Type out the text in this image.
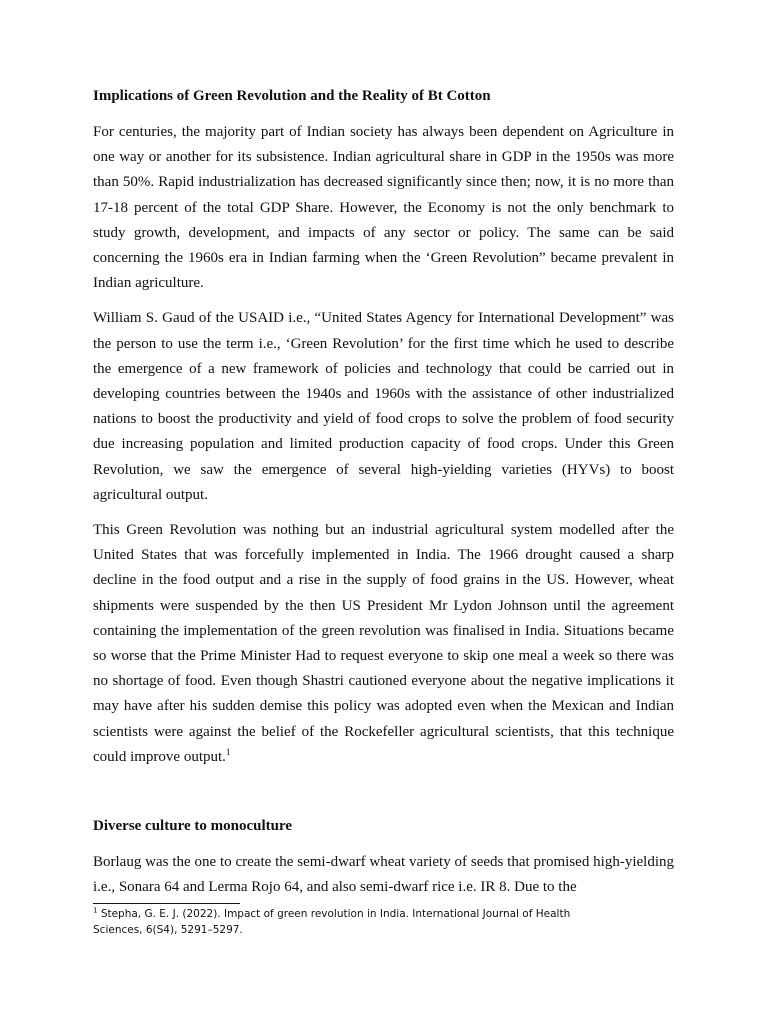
Implications of Green Revolution and the Reality of Bt Cotton

For centuries, the majority part of Indian society has always been dependent on Agriculture in one way or another for its subsistence. Indian agricultural share in GDP in the 1950s was more than 50%. Rapid industrialization has decreased significantly since then; now, it is no more than 17-18 percent of the total GDP Share. However, the Economy is not the only benchmark to study growth, development, and impacts of any sector or policy. The same can be said concerning the 1960s era in Indian farming when the ‘Green Revolution” became prevalent in Indian agriculture.

William S. Gaud of the USAID i.e., “United States Agency for International Development” was the person to use the term i.e., ‘Green Revolution’ for the first time which he used to describe the emergence of a new framework of policies and technology that could be carried out in developing countries between the 1940s and 1960s with the assistance of other industrialized nations to boost the productivity and yield of food crops to solve the problem of food security due increasing population and limited production capacity of food crops. Under this Green Revolution, we saw the emergence of several high-yielding varieties (HYVs) to boost agricultural output.

This Green Revolution was nothing but an industrial agricultural system modelled after the United States that was forcefully implemented in India. The 1966 drought caused a sharp decline in the food output and a rise in the supply of food grains in the US. However, wheat shipments were suspended by the then US President Mr Lydon Johnson until the agreement containing the implementation of the green revolution was finalised in India. Situations became so worse that the Prime Minister Had to request everyone to skip one meal a week so there was no shortage of food. Even though Shastri cautioned everyone about the negative implications it may have after his sudden demise this policy was adopted even when the Mexican and Indian scientists were against the belief of the Rockefeller agricultural scientists, that this technique could improve output.$^1$

Diverse culture to monoculture

Borlaug was the one to create the semi-dwarf wheat variety of seeds that promised high-yielding i.e., Sonara 64 and Lerma Rojo 64, and also semi-dwarf rice i.e. IR 8. Due to the

$^1$ Stepha, G. E. J. (2022). Impact of green revolution in India. International Journal of Health Sciences, 6(S4), 5291–5297.
